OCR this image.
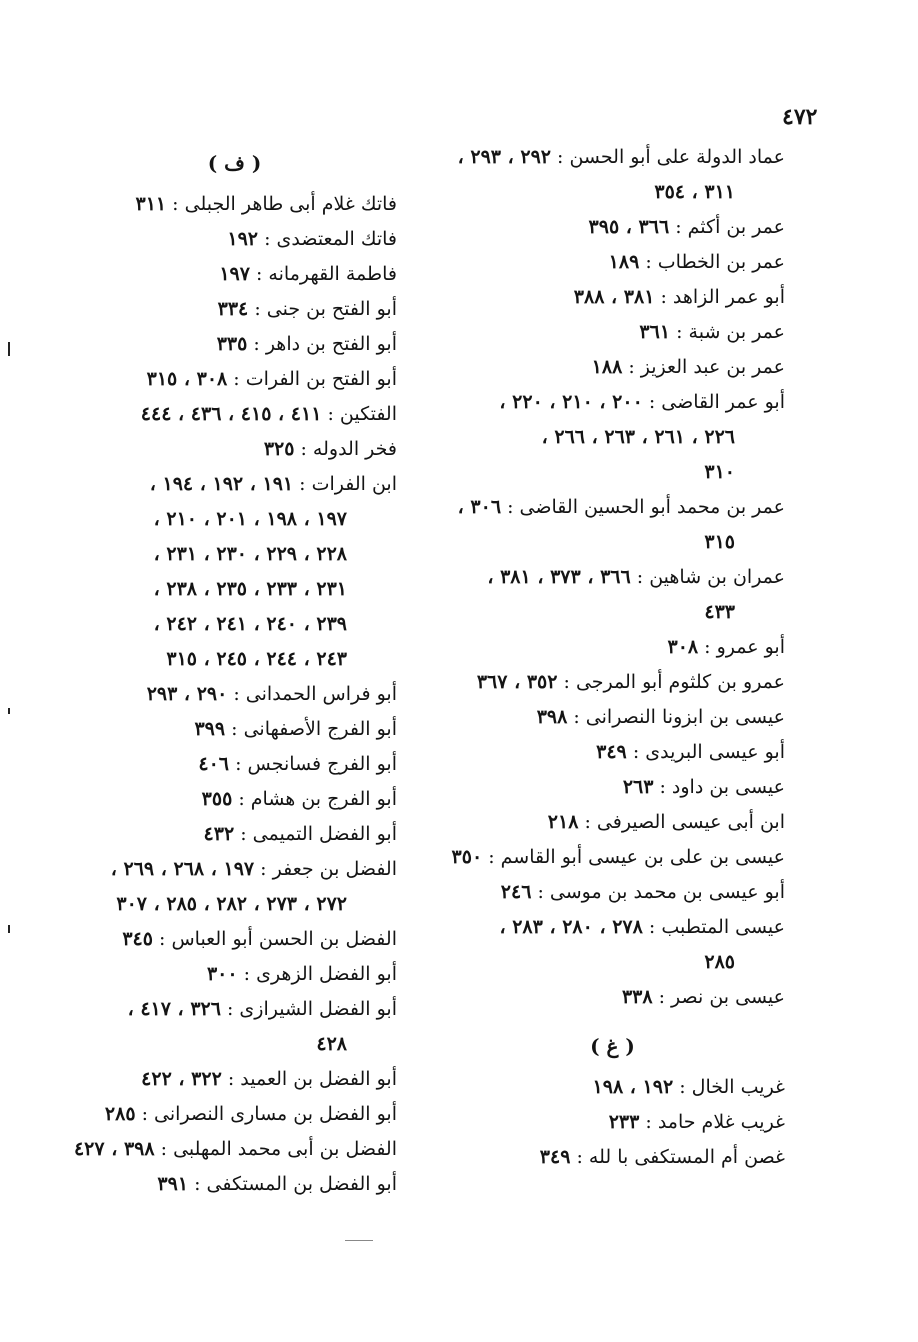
٤٧٢
عماد الدولة على أبو الحسن : ٢٩٢ ، ٢٩٣ ،
٣١١ ، ٣٥٤
عمر بن أكثم : ٣٦٦ ، ٣٩٥
عمر بن الخطاب : ١٨٩
أبو عمر الزاهد : ٣٨١ ، ٣٨٨
عمر بن شبة : ٣٦١
عمر بن عبد العزيز : ١٨٨
أبو عمر القاضى : ٢٠٠ ، ٢١٠ ، ٢٢٠ ،
٢٢٦ ، ٢٦١ ، ٢٦٣ ، ٢٦٦ ،
٣١٠
عمر بن محمد أبو الحسين القاضى : ٣٠٦ ،
٣١٥
عمران بن شاهين : ٣٦٦ ، ٣٧٣ ، ٣٨١ ،
٤٣٣
أبو عمرو : ٣٠٨
عمرو بن كلثوم أبو المرجى : ٣٥٢ ، ٣٦٧
عيسى بن ابزونا النصرانى : ٣٩٨
أبو عيسى البريدى : ٣٤٩
عيسى بن داود : ٢٦٣
ابن أبى عيسى الصيرفى : ٢١٨
عيسى بن على بن عيسى أبو القاسم : ٣٥٠
أبو عيسى بن محمد بن موسى : ٢٤٦
عيسى المتطبب : ٢٧٨ ، ٢٨٠ ، ٢٨٣ ،
٢٨٥
عيسى بن نصر : ٣٣٨
( غ )
غريب الخال : ١٩٢ ، ١٩٨
غريب غلام حامد : ٢٣٣
غصن أم المستكفى با لله : ٣٤٩
( ف )
فاتك غلام أبى طاهر الجبلى : ٣١١
فاتك المعتضدى : ١٩٢
فاطمة القهرمانه : ١٩٧
أبو الفتح بن جنى : ٣٣٤
أبو الفتح بن داهر : ٣٣٥
أبو الفتح بن الفرات : ٣٠٨ ، ٣١٥
الفتكين : ٤١١ ، ٤١٥ ، ٤٣٦ ، ٤٤٤
فخر الدوله : ٣٢٥
ابن الفرات : ١٩١ ، ١٩٢ ، ١٩٤ ،
١٩٧ ، ١٩٨ ، ٢٠١ ، ٢١٠ ،
٢٢٨ ، ٢٢٩ ، ٢٣٠ ، ٢٣١ ،
٢٣١ ، ٢٣٣ ، ٢٣٥ ، ٢٣٨ ،
٢٣٩ ، ٢٤٠ ، ٢٤١ ، ٢٤٢ ،
٢٤٣ ، ٢٤٤ ، ٢٤٥ ، ٣١٥
أبو فراس الحمدانى : ٢٩٠ ، ٢٩٣
أبو الفرج الأصفهانى : ٣٩٩
أبو الفرج فسانجس : ٤٠٦
أبو الفرج بن هشام : ٣٥٥
أبو الفضل التميمى : ٤٣٢
الفضل بن جعفر : ١٩٧ ، ٢٦٨ ، ٢٦٩ ،
٢٧٢ ، ٢٧٣ ، ٢٨٢ ، ٢٨٥ ، ٣٠٧
الفضل بن الحسن أبو العباس : ٣٤٥
أبو الفضل الزهرى : ٣٠٠
أبو الفضل الشيرازى : ٣٢٦ ، ٤١٧ ،
٤٢٨
أبو الفضل بن العميد : ٣٢٢ ، ٤٢٢
أبو الفضل بن مسارى النصرانى : ٢٨٥
الفضل بن أبى محمد المهلبى : ٣٩٨ ، ٤٢٧
أبو الفضل بن المستكفى : ٣٩١
